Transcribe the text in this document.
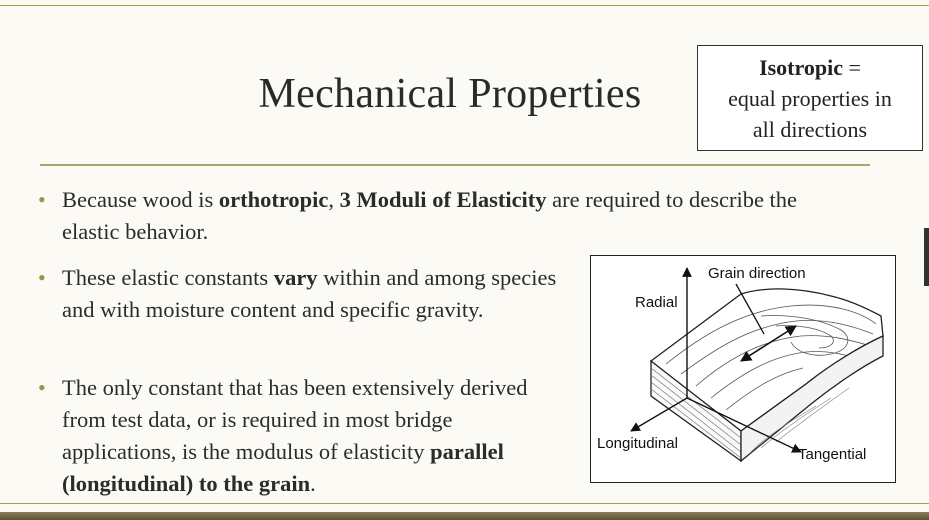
Mechanical Properties
Isotropic =
equal properties in
all directions
• Because wood is orthotropic, 3 Moduli of Elasticity are required to describe the elastic behavior.
• These elastic constants vary within and among species and with moisture content and specific gravity.
• The only constant that has been extensively derived from test data, or is required in most bridge applications, is the modulus of elasticity parallel (longitudinal) to the grain.
Grain direction
Radial
Longitudinal
Tangential
